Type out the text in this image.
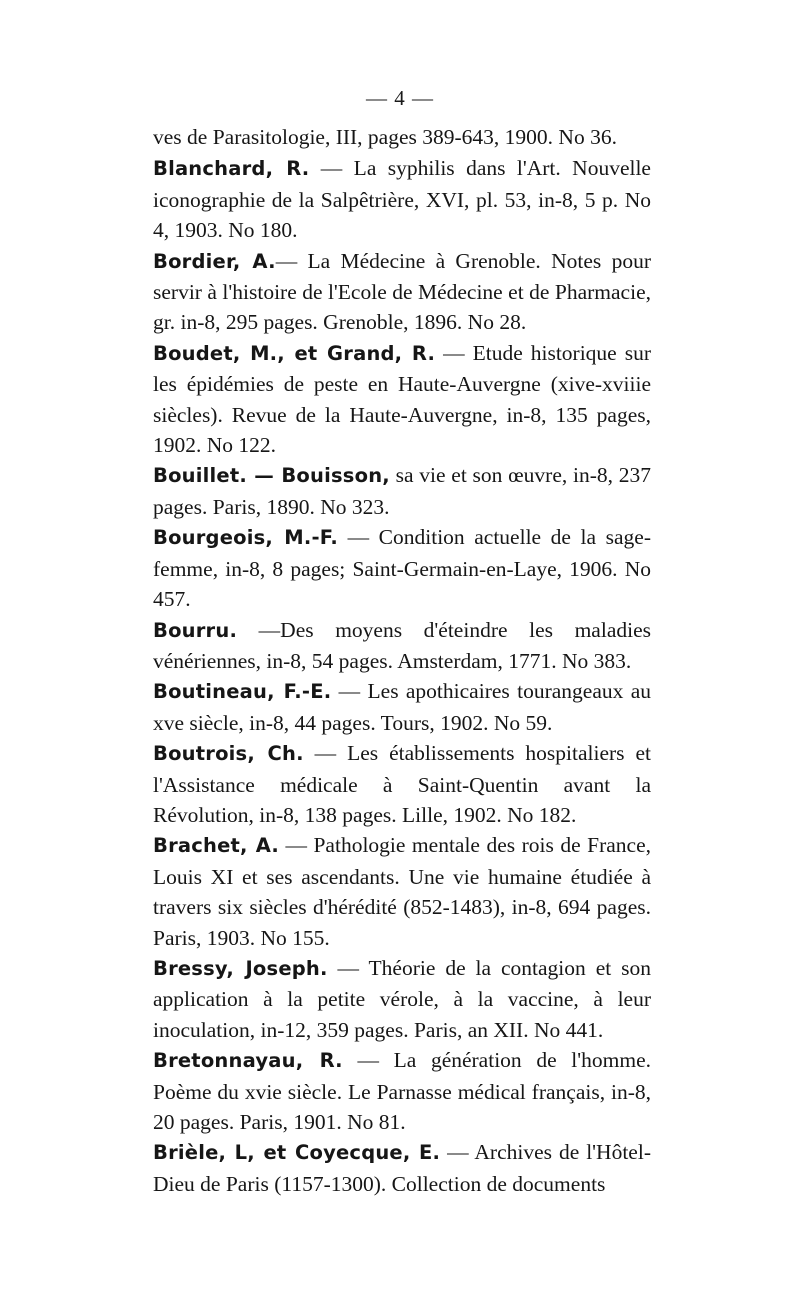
— 4 —

ves de Parasitologie, III, pages 389-643, 1900. No 36.

Blanchard, R. — La syphilis dans l'Art. Nouvelle iconographie de la Salpêtrière, XVI, pl. 53, in-8, 5 p. No 4, 1903. No 180.

Bordier, A.— La Médecine à Grenoble. Notes pour servir à l'histoire de l'Ecole de Médecine et de Pharmacie, gr. in-8, 295 pages. Grenoble, 1896. No 28.

Boudet, M., et Grand, R. — Etude historique sur les épidémies de peste en Haute-Auvergne (xive-xviiie siècles). Revue de la Haute-Auvergne, in-8, 135 pages, 1902. No 122.

Bouillet. — Bouisson, sa vie et son œuvre, in-8, 237 pages. Paris, 1890. No 323.

Bourgeois, M.-F. — Condition actuelle de la sage-femme, in-8, 8 pages; Saint-Germain-en-Laye, 1906. No 457.

Bourru. —Des moyens d'éteindre les maladies vénériennes, in-8, 54 pages. Amsterdam, 1771. No 383.

Boutineau, F.-E. — Les apothicaires tourangeaux au xve siècle, in-8, 44 pages. Tours, 1902. No 59.

Boutrois, Ch. — Les établissements hospitaliers et l'Assistance médicale à Saint-Quentin avant la Révolution, in-8, 138 pages. Lille, 1902. No 182.

Brachet, A. — Pathologie mentale des rois de France, Louis XI et ses ascendants. Une vie humaine étudiée à travers six siècles d'hérédité (852-1483), in-8, 694 pages. Paris, 1903. No 155.

Bressy, Joseph. — Théorie de la contagion et son application à la petite vérole, à la vaccine, à leur inoculation, in-12, 359 pages. Paris, an XII. No 441.

Bretonnayau, R. — La génération de l'homme. Poème du xvie siècle. Le Parnasse médical français, in-8, 20 pages. Paris, 1901. No 81.

Brièle, L, et Coyecque, E. — Archives de l'Hôtel-Dieu de Paris (1157-1300). Collection de documents
